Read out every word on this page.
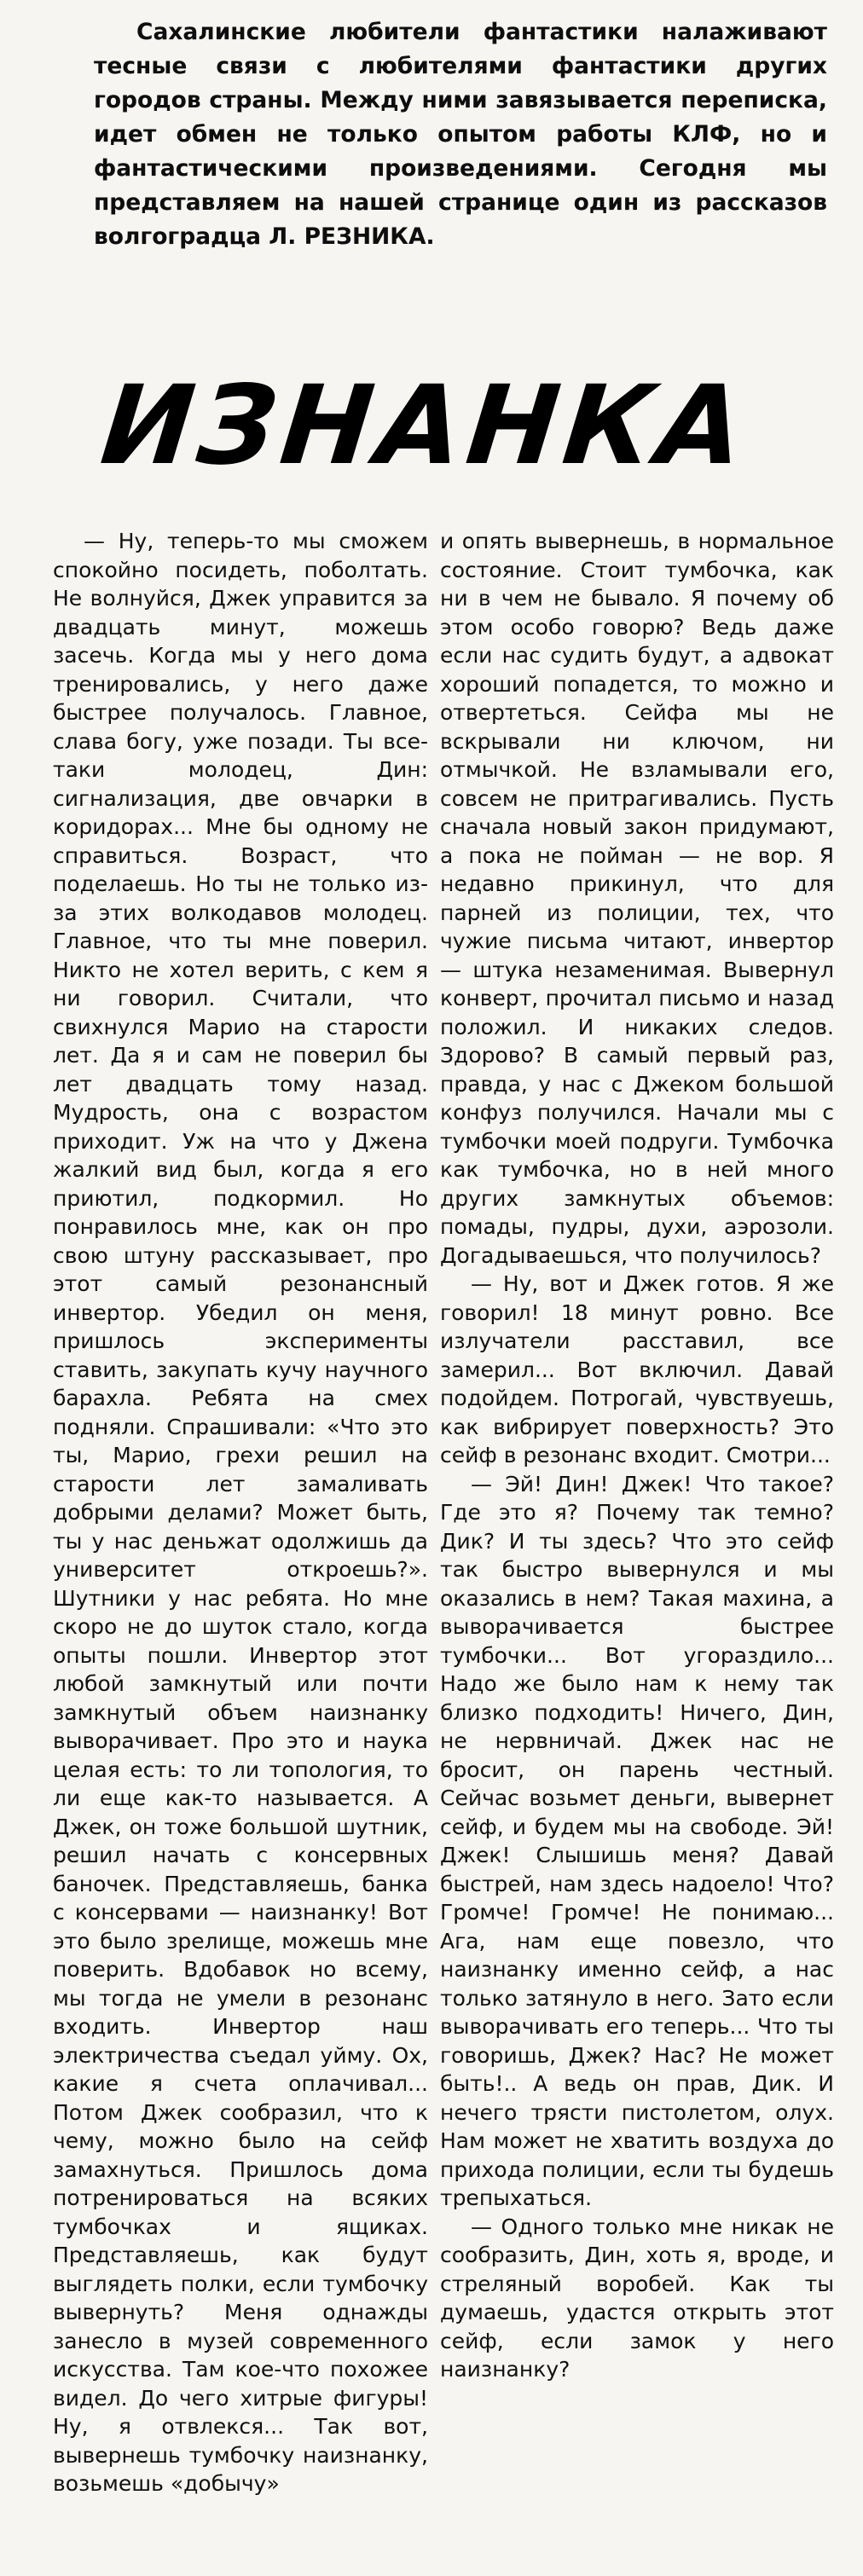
Сахалинские любители фантастики налаживают тесные связи с любителями фантастики других городов страны. Между ними завязывается переписка, идет обмен не только опытом работы КЛФ, но и фантастическими произведениями. Сегодня мы представляем на нашей странице один из рассказов волгоградца Л. РЕЗНИКА.
ИЗНАНКА

— Ну, теперь-то мы сможем спокойно посидеть, поболтать. Не волнуйся, Джек управится за двадцать минут, можешь засечь. Когда мы у него дома тренировались, у него даже быстрее получалось. Главное, слава богу, уже позади. Ты все-таки молодец, Дин: сигнализация, две овчарки в коридорах... Мне бы одному не справиться. Возраст, что поделаешь. Но ты не только из-за этих волкодавов молодец. Главное, что ты мне поверил. Никто не хотел верить, с кем я ни говорил. Считали, что свихнулся Марио на старости лет. Да я и сам не поверил бы лет двадцать тому назад. Мудрость, она с возрастом приходит. Уж на что у Джена жалкий вид был, когда я его приютил, подкормил. Но понравилось мне, как он про свою штуну рассказывает, про этот самый резонансный инвертор. Убедил он меня, пришлось эксперименты ставить, закупать кучу научного барахла. Ребята на смех подняли. Спрашивали: «Что это ты, Марио, грехи решил на старости лет замаливать добрыми делами? Может быть, ты у нас деньжат одолжишь да университет откроешь?». Шутники у нас ребята. Но мне скоро не до шуток стало, когда опыты пошли. Инвертор этот любой замкнутый или почти замкнутый объем наизнанку выворачивает. Про это и наука целая есть: то ли топология, то ли еще как-то называется. А Джек, он тоже большой шутник, решил начать с консервных баночек. Представляешь, банка с консервами — наизнанку! Вот это было зрелище, можешь мне поверить. Вдобавок но всему, мы тогда не умели в резонанс входить. Инвертор наш электричества съедал уйму. Ох, какие я счета оплачивал... Потом Джек сообразил, что к чему, можно было на сейф замахнуться. Пришлось дома потренироваться на всяких тумбочках и ящиках. Представляешь, как будут выглядеть полки, если тумбочку вывернуть? Меня однажды занесло в музей современного искусства. Там кое-что похожее видел. До чего хитрые фигуры! Ну, я отвлекся... Так вот, вывернешь тумбочку наизнанку, возьмешь «добычу»

и опять вывернешь, в нормальное состояние. Стоит тумбочка, как ни в чем не бывало. Я почему об этом особо говорю? Ведь даже если нас судить будут, а адвокат хороший попадется, то можно и отвертеться. Сейфа мы не вскрывали ни ключом, ни отмычкой. Не взламывали его, совсем не притрагивались. Пусть сначала новый закон придумают, а пока не пойман — не вор. Я недавно прикинул, что для парней из полиции, тех, что чужие письма читают, инвертор — штука незаменимая. Вывернул конверт, прочитал письмо и назад положил. И никаких следов. Здорово? В самый первый раз, правда, у нас с Джеком большой конфуз получился. Начали мы с тумбочки моей подруги. Тумбочка как тумбочка, но в ней много других замкнутых объемов: помады, пудры, духи, аэрозоли. Догадываешься, что получилось?

— Ну, вот и Джек готов. Я же говорил! 18 минут ровно. Все излучатели расставил, все замерил... Вот включил. Давай подойдем. Потрогай, чувствуешь, как вибрирует поверхность? Это сейф в резонанс входит. Смотри...

— Эй! Дин! Джек! Что такое? Где это я? Почему так темно? Дик? И ты здесь? Что это сейф так быстро вывернулся и мы оказались в нем? Такая махина, а выворачивается быстрее тумбочки... Вот угораздило... Надо же было нам к нему так близко подходить! Ничего, Дин, не нервничай. Джек нас не бросит, он парень честный. Сейчас возьмет деньги, вывернет сейф, и будем мы на свободе. Эй! Джек! Слышишь меня? Давай быстрей, нам здесь надоело! Что? Громче! Громче! Не понимаю... Ага, нам еще повезло, что наизнанку именно сейф, а нас только затянуло в него. Зато если выворачивать его теперь... Что ты говоришь, Джек? Нас? Не может быть!.. А ведь он прав, Дик. И нечего трясти пистолетом, олух. Нам может не хватить воздуха до прихода полиции, если ты будешь трепыхаться.

— Одного только мне никак не сообразить, Дин, хоть я, вроде, и стреляный воробей. Как ты думаешь, удастся открыть этот сейф, если замок у него наизнанку?
